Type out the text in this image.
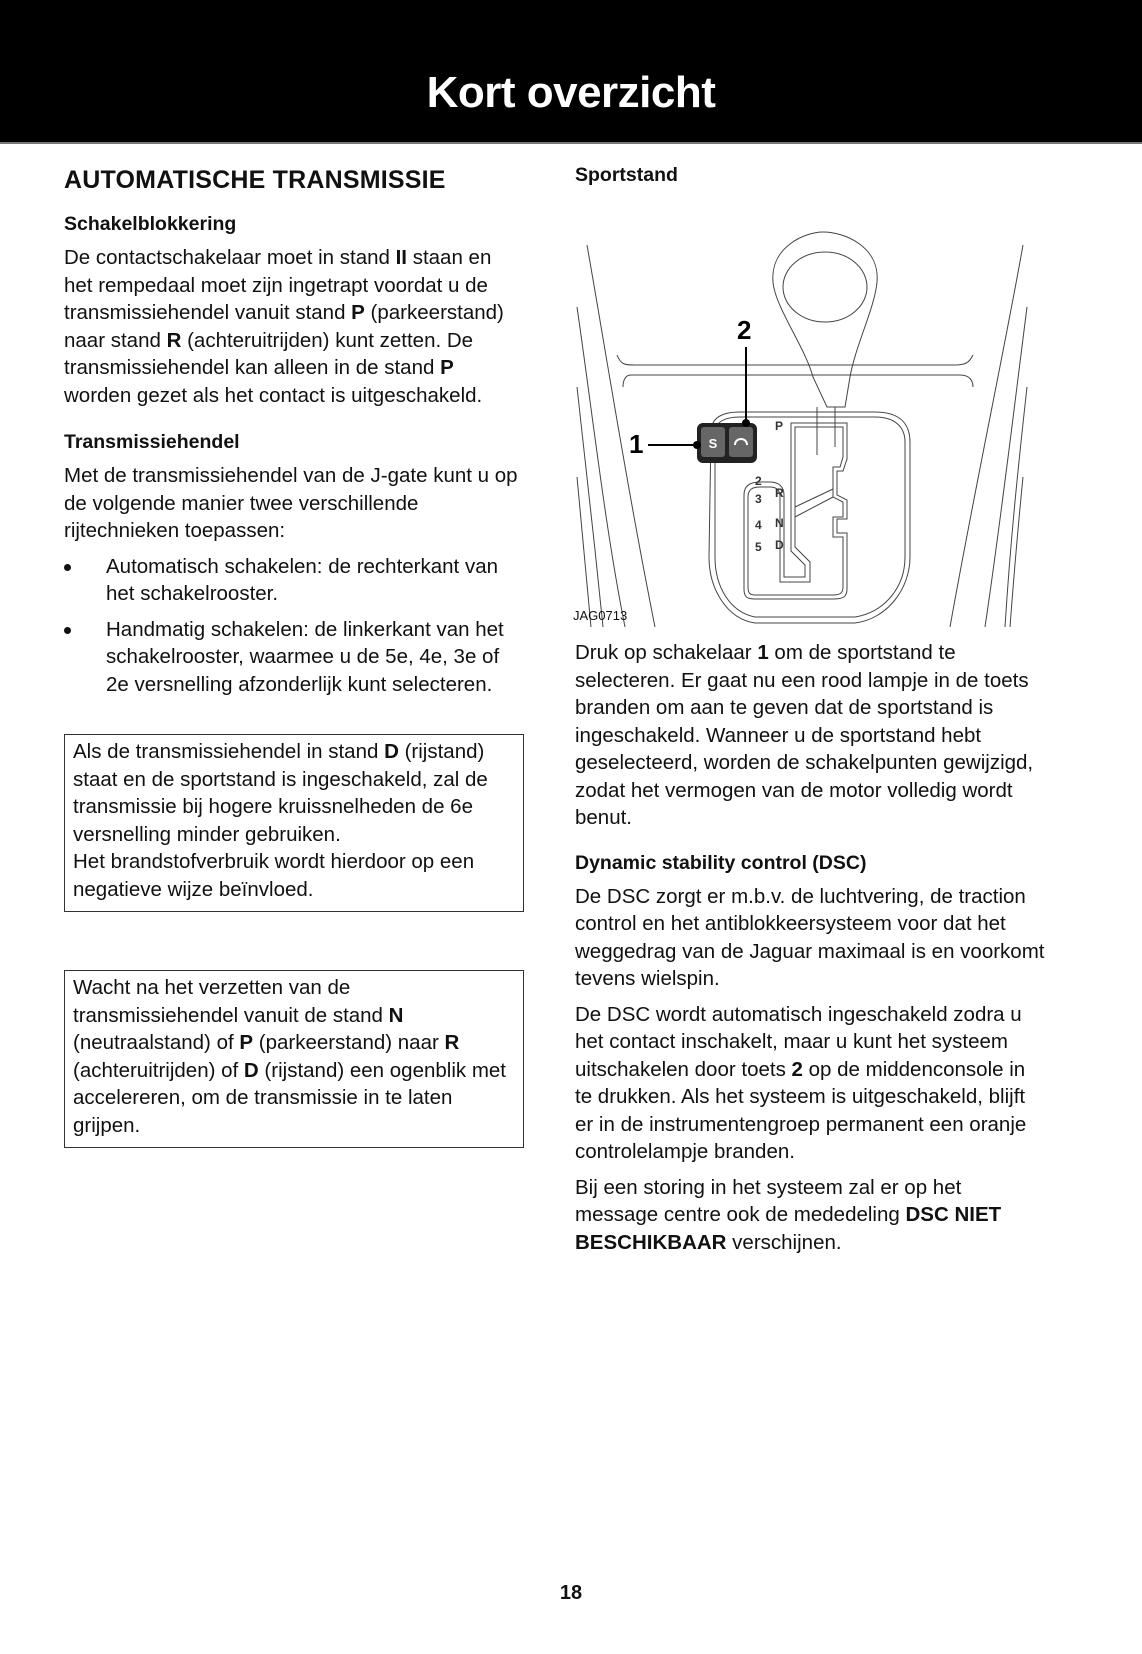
Kort overzicht
AUTOMATISCHE TRANSMISSIE
Schakelblokkering

De contactschakelaar moet in stand II staan en het rempedaal moet zijn ingetrapt voordat u de transmissiehendel vanuit stand P (parkeerstand) naar stand R (achteruitrijden) kunt zetten. De transmissiehendel kan alleen in de stand P worden gezet als het contact is uitgeschakeld.

Transmissiehendel

Met de transmissiehendel van de J-gate kunt u op de volgende manier twee verschillende rijtechnieken toepassen:

Automatisch schakelen: de rechterkant van het schakelrooster.
Handmatig schakelen: de linkerkant van het schakelrooster, waarmee u de 5e, 4e, 3e of 2e versnelling afzonderlijk kunt selecteren.

Als de transmissiehendel in stand D (rijstand) staat en de sportstand is ingeschakeld, zal de transmissie bij hogere kruissnelheden de 6e versnelling minder gebruiken.

Het brandstofverbruik wordt hierdoor op een negatieve wijze beïnvloed.

Wacht na het verzetten van de transmissiehendel vanuit de stand N (neutraalstand) of P (parkeerstand) naar R (achteruitrijden) of D (rijstand) een ogenblik met accelereren, om de transmissie in te laten grijpen.

Sportstand
S
1
2
P
R
N
D
2
3
4
5
JAG0713

Druk op schakelaar 1 om de sportstand te selecteren. Er gaat nu een rood lampje in de toets branden om aan te geven dat de sportstand is ingeschakeld. Wanneer u de sportstand hebt geselecteerd, worden de schakelpunten gewijzigd, zodat het vermogen van de motor volledig wordt benut.

Dynamic stability control (DSC)

De DSC zorgt er m.b.v. de luchtvering, de traction control en het antiblokkeersysteem voor dat het weggedrag van de Jaguar maximaal is en voorkomt tevens wielspin.

De DSC wordt automatisch ingeschakeld zodra u het contact inschakelt, maar u kunt het systeem uitschakelen door toets 2 op de middenconsole in te drukken. Als het systeem is uitgeschakeld, blijft er in de instrumentengroep permanent een oranje controlelampje branden.

Bij een storing in het systeem zal er op het message centre ook de mededeling DSC NIET BESCHIKBAAR verschijnen.

18
